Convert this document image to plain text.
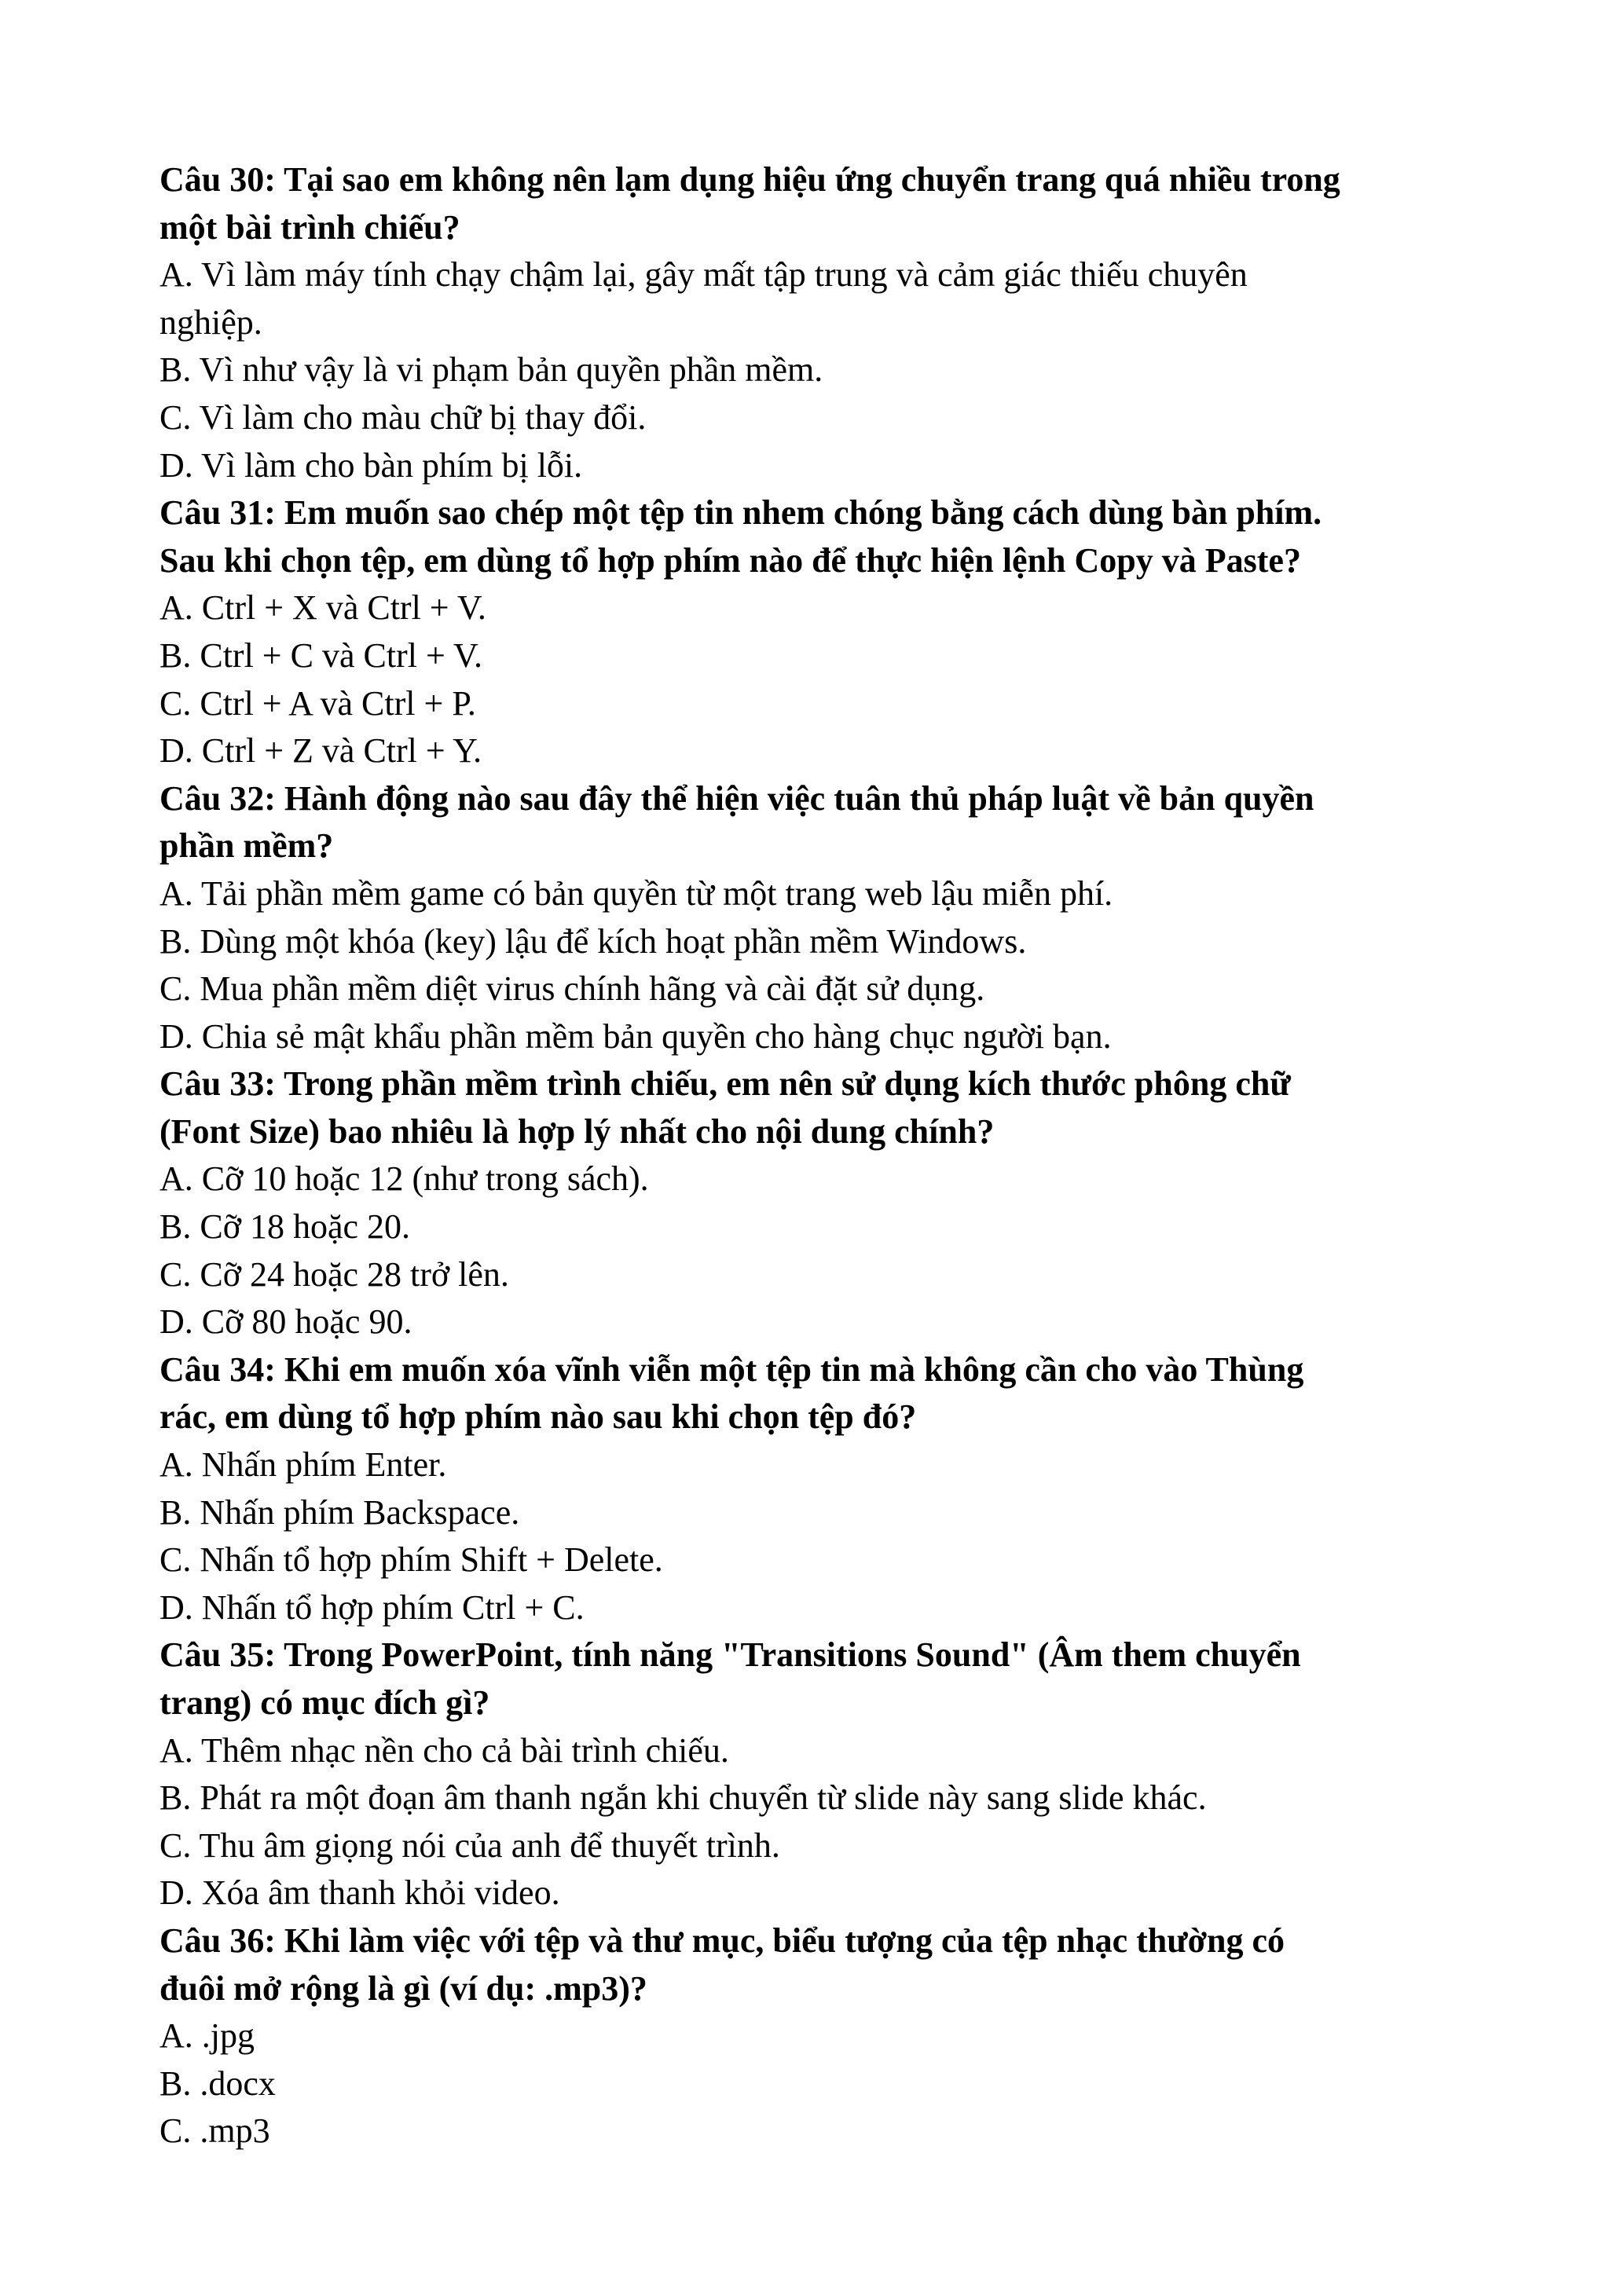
Câu 30: Tại sao em không nên lạm dụng hiệu ứng chuyển trang quá nhiều trong
một bài trình chiếu?
A. Vì làm máy tính chạy chậm lại, gây mất tập trung và cảm giác thiếu chuyên
nghiệp.
B. Vì như vậy là vi phạm bản quyền phần mềm.
C. Vì làm cho màu chữ bị thay đổi.
D. Vì làm cho bàn phím bị lỗi.
Câu 31: Em muốn sao chép một tệp tin nhem chóng bằng cách dùng bàn phím.
Sau khi chọn tệp, em dùng tổ hợp phím nào để thực hiện lệnh Copy và Paste?
A. Ctrl + X và Ctrl + V.
B. Ctrl + C và Ctrl + V.
C. Ctrl + A và Ctrl + P.
D. Ctrl + Z và Ctrl + Y.
Câu 32: Hành động nào sau đây thể hiện việc tuân thủ pháp luật về bản quyền
phần mềm?
A. Tải phần mềm game có bản quyền từ một trang web lậu miễn phí.
B. Dùng một khóa (key) lậu để kích hoạt phần mềm Windows.
C. Mua phần mềm diệt virus chính hãng và cài đặt sử dụng.
D. Chia sẻ mật khẩu phần mềm bản quyền cho hàng chục người bạn.
Câu 33: Trong phần mềm trình chiếu, em nên sử dụng kích thước phông chữ
(Font Size) bao nhiêu là hợp lý nhất cho nội dung chính?
A. Cỡ 10 hoặc 12 (như trong sách).
B. Cỡ 18 hoặc 20.
C. Cỡ 24 hoặc 28 trở lên.
D. Cỡ 80 hoặc 90.
Câu 34: Khi em muốn xóa vĩnh viễn một tệp tin mà không cần cho vào Thùng
rác, em dùng tổ hợp phím nào sau khi chọn tệp đó?
A. Nhấn phím Enter.
B. Nhấn phím Backspace.
C. Nhấn tổ hợp phím Shift + Delete.
D. Nhấn tổ hợp phím Ctrl + C.
Câu 35: Trong PowerPoint, tính năng "Transitions Sound" (Âm them chuyển
trang) có mục đích gì?
A. Thêm nhạc nền cho cả bài trình chiếu.
B. Phát ra một đoạn âm thanh ngắn khi chuyển từ slide này sang slide khác.
C. Thu âm giọng nói của anh để thuyết trình.
D. Xóa âm thanh khỏi video.
Câu 36: Khi làm việc với tệp và thư mục, biểu tượng của tệp nhạc thường có
đuôi mở rộng là gì (ví dụ: .mp3)?
A. .jpg
B. .docx
C. .mp3
